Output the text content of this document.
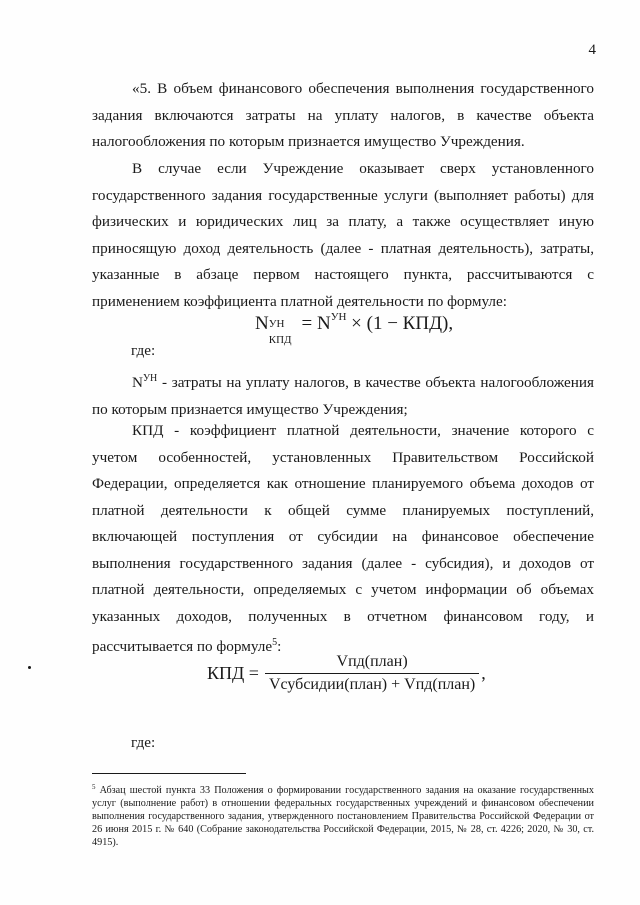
4

«5. В объем финансового обеспечения выполнения государственного задания включаются затраты на уплату налогов, в качестве объекта налогообложения по которым признается имущество Учреждения.

В случае если Учреждение оказывает сверх установленного государственного задания государственные услуги (выполняет работы) для физических и юридических лиц за плату, а также осуществляет иную приносящую доход деятельность (далее - платная деятельность), затраты, указанные в абзаце первом настоящего пункта, рассчитываются с применением коэффициента платной деятельности по формуле:

N УН
КПД
= $N^{УН} \times (1 - КПД)$,
где:

$N^{УН}$ - затраты на уплату налогов, в качестве объекта налогообложения по которым признается имущество Учреждения;

КПД - коэффициент платной деятельности, значение которого с учетом особенностей, установленных Правительством Российской Федерации, определяется как отношение планируемого объема доходов от платной деятельности к общей сумме планируемых поступлений, включающей поступления от субсидии на финансовое обеспечение выполнения государственного задания (далее - субсидия), и доходов от платной деятельности, определяемых с учетом информации об объемах указанных доходов, полученных в отчетном финансовом году, и рассчитывается по формуле$^5$:

КПД = $\frac{\text{Vпд(план)}}{\text{Vсубсидии(план) + Vпд(план)}}$ ,
где:
$^5$ Абзац шестой пункта 33 Положения о формировании государственного задания на оказание государственных услуг (выполнение работ) в отношении федеральных государственных учреждений и финансовом обеспечении выполнения государственного задания, утвержденного постановлением Правительства Российской Федерации от 26 июня 2015 г. № 640 (Собрание законодательства Российской Федерации, 2015, № 28, ст. 4226; 2020, № 30, ст. 4915).
